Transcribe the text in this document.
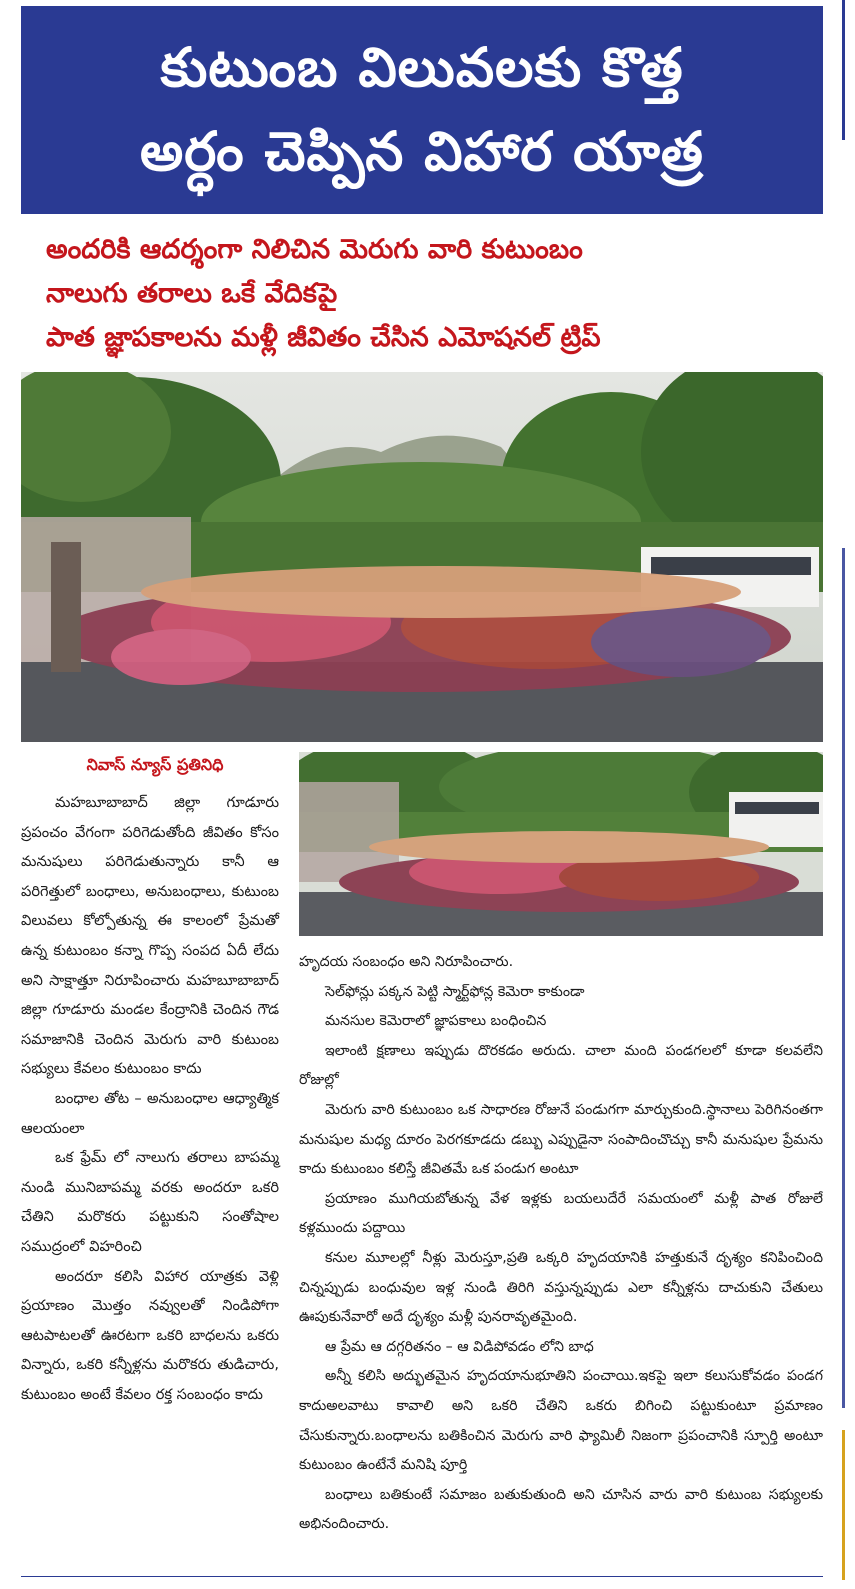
కుటుంబ విలువలకు కొత్త
అర్ధం చెప్పిన విహార యాత్ర
అందరికి ఆదర్శంగా నిలిచిన మెరుగు వారి కుటుంబం
నాలుగు తరాలు ఒకే వేదికపై
పాత జ్ఞాపకాలను మళ్లీ జీవితం చేసిన ఎమోషనల్ ట్రిప్
నివాస్ న్యూస్ ప్రతినిధి

మహబూబాబాద్ జిల్లా గూడూరు ప్రపంచం వేగంగా పరిగెడుతోంది జీవితం కోసం మనుషులు పరిగెడుతున్నారు కానీ ఆ పరిగెత్తులో బంధాలు, అనుబంధాలు, కుటుంబ విలువలు కోల్పోతున్న ఈ కాలంలో ప్రేమతో ఉన్న కుటుంబం కన్నా గొప్ప సంపద ఏదీ లేదు అని సాక్షాత్తూ నిరూపించారు మహబూబాబాద్ జిల్లా గూడూరు మండల కేంద్రానికి చెందిన గౌడ సమాజానికి చెందిన మెరుగు వారి కుటుంబ సభ్యులు కేవలం కుటుంబం కాదు

బంధాల తోట – అనుబంధాల ఆధ్యాత్మిక ఆలయంలా

ఒక ఫ్రేమ్ లో నాలుగు తరాలు బాపమ్మ నుండి మునిబాపమ్మ వరకు అందరూ ఒకరి చేతిని మరొకరు పట్టుకుని సంతోషాల సముద్రంలో విహరించి

అందరూ కలిసి విహార యాత్రకు వెళ్లి ప్రయాణం మొత్తం నవ్వులతో నిండిపోగా ఆటపాటలతో ఊరటగా ఒకరి బాధలను ఒకరు విన్నారు, ఒకరి కన్నీళ్లను మరొకరు తుడిచారు, కుటుంబం అంటే కేవలం రక్త సంబంధం కాదు

హృదయ సంబంధం అని నిరూపించారు.

సెల్‌ఫోన్లు పక్కన పెట్టి స్మార్ట్‌ఫోన్ల కెమెరా కాకుండా

మనసుల కెమెరాలో జ్ఞాపకాలు బంధించిన

ఇలాంటి క్షణాలు ఇప్పుడు దొరకడం అరుదు. చాలా మంది పండగలలో కూడా కలవలేని రోజుల్లో

మెరుగు వారి కుటుంబం ఒక సాధారణ రోజునే పండుగగా మార్చుకుంది.స్థానాలు పెరిగినంతగా మనుషుల మధ్య దూరం పెరగకూడదు డబ్బు ఎప్పుడైనా సంపాదించొచ్చు కానీ మనుషుల ప్రేమను కాదు కుటుంబం కలిస్తే జీవితమే ఒక పండుగ అంటూ

ప్రయాణం ముగియబోతున్న వేళ ఇళ్లకు బయలుదేరే సమయంలో మళ్లీ పాత రోజులే కళ్లముందు పద్దాయి

కనుల మూలల్లో నీళ్లు మెరుస్తూ,ప్రతి ఒక్కరి హృదయానికి హత్తుకునే దృశ్యం కనిపించింది చిన్నప్పుడు బంధువుల ఇళ్ల నుండి తిరిగి వస్తున్నప్పుడు ఎలా కన్నీళ్లను దాచుకుని చేతులు ఊపుకునేవారో అదే దృశ్యం మళ్లీ పునరావృతమైంది.

ఆ ప్రేమ ఆ దగ్గరితనం – ఆ విడిపోవడం లోని బాధ

అన్నీ కలిసి అద్భుతమైన హృదయానుభూతిని పంచాయి.ఇకపై ఇలా కలుసుకోవడం పండగ కాదుఅలవాటు కావాలి అని ఒకరి చేతిని ఒకరు బిగించి పట్టుకుంటూ ప్రమాణం చేసుకున్నారు.బంధాలను బతికించిన మెరుగు వారి ఫ్యామిలీ నిజంగా ప్రపంచానికి స్పూర్తి అంటూ కుటుంబం ఉంటేనే మనిషి పూర్తి

బంధాలు బతికుంటే సమాజం బతుకుతుంది అని చూసిన వారు వారి కుటుంబ సభ్యులకు అభినందించారు.
